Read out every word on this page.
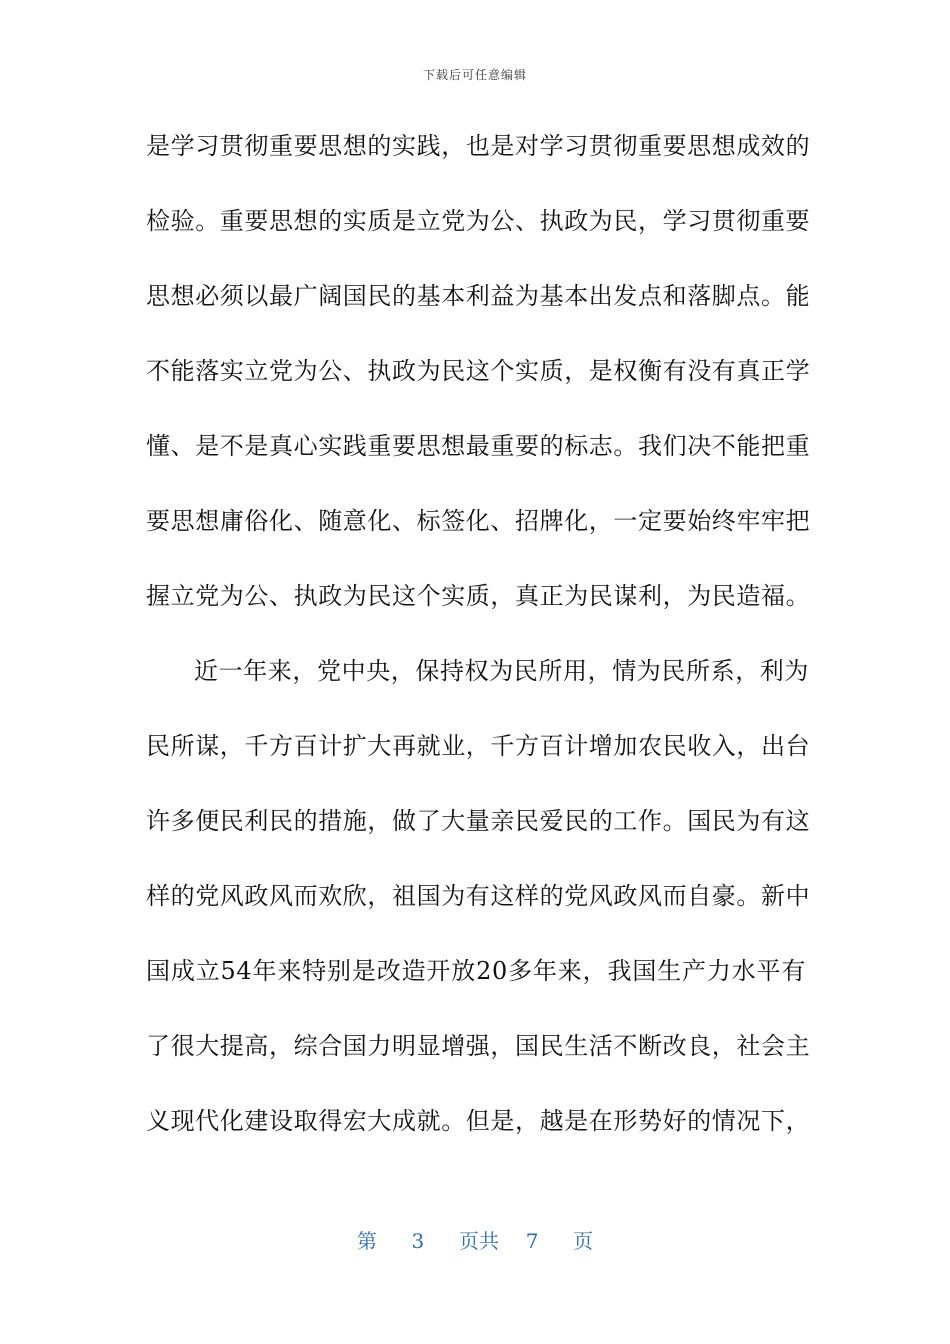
下载后可任意编辑
是学习贯彻重要思想的实践，也是对学习贯彻重要思想成效的
检验。重要思想的实质是立党为公、执政为民，学习贯彻重要
思想必须以最广阔国民的基本利益为基本出发点和落脚点。能
不能落实立党为公、执政为民这个实质，是权衡有没有真正学
懂、是不是真心实践重要思想最重要的标志。我们决不能把重
要思想庸俗化、随意化、标签化、招牌化，一定要始终牢牢把
握立党为公、执政为民这个实质，真正为民谋利，为民造福。
近一年来，党中央，保持权为民所用，情为民所系，利为
民所谋，千方百计扩大再就业，千方百计增加农民收入，出台
许多便民利民的措施，做了大量亲民爱民的工作。国民为有这
样的党风政风而欢欣，祖国为有这样的党风政风而自豪。新中
国成立54年来特别是改造开放20多年来，我国生产力水平有
了很大提高，综合国力明显增强，国民生活不断改良，社会主
义现代化建设取得宏大成就。但是，越是在形势好的情况下，
第 3 页共 7 页
